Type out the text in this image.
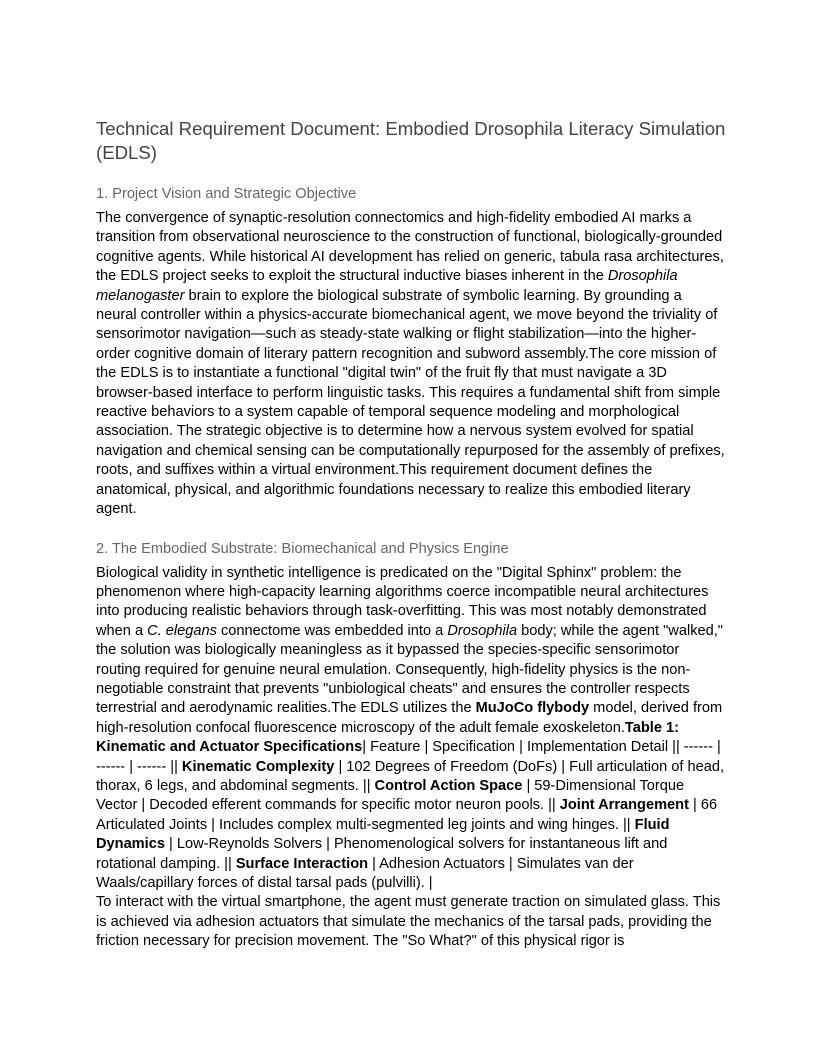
Technical Requirement Document: Embodied Drosophila Literacy Simulation (EDLS)
1. Project Vision and Strategic Objective

The convergence of synaptic-resolution connectomics and high-fidelity embodied AI marks a transition from observational neuroscience to the construction of functional, biologically-grounded cognitive agents. While historical AI development has relied on generic, tabula rasa architectures, the EDLS project seeks to exploit the structural inductive biases inherent in the Drosophila melanogaster brain to explore the biological substrate of symbolic learning. By grounding a neural controller within a physics-accurate biomechanical agent, we move beyond the triviality of sensorimotor navigation—such as steady-state walking or flight stabilization—into the higher-order cognitive domain of literary pattern recognition and subword assembly.The core mission of the EDLS is to instantiate a functional "digital twin" of the fruit fly that must navigate a 3D browser-based interface to perform linguistic tasks. This requires a fundamental shift from simple reactive behaviors to a system capable of temporal sequence modeling and morphological association. The strategic objective is to determine how a nervous system evolved for spatial navigation and chemical sensing can be computationally repurposed for the assembly of prefixes, roots, and suffixes within a virtual environment.This requirement document defines the anatomical, physical, and algorithmic foundations necessary to realize this embodied literary agent.

2. The Embodied Substrate: Biomechanical and Physics Engine

Biological validity in synthetic intelligence is predicated on the "Digital Sphinx" problem: the phenomenon where high-capacity learning algorithms coerce incompatible neural architectures into producing realistic behaviors through task-overfitting. This was most notably demonstrated when a C. elegans connectome was embedded into a Drosophila body; while the agent "walked," the solution was biologically meaningless as it bypassed the species-specific sensorimotor routing required for genuine neural emulation. Consequently, high-fidelity physics is the non-negotiable constraint that prevents "unbiological cheats" and ensures the controller respects terrestrial and aerodynamic realities.The EDLS utilizes the MuJoCo flybody model, derived from high-resolution confocal fluorescence microscopy of the adult female exoskeleton.Table 1: Kinematic and Actuator Specifications| Feature | Specification | Implementation Detail || ------ | ------ | ------ || Kinematic Complexity | 102 Degrees of Freedom (DoFs) | Full articulation of head, thorax, 6 legs, and abdominal segments. || Control Action Space | 59-Dimensional Torque Vector | Decoded efferent commands for specific motor neuron pools. || Joint Arrangement | 66 Articulated Joints | Includes complex multi-segmented leg joints and wing hinges. || Fluid Dynamics | Low-Reynolds Solvers | Phenomenological solvers for instantaneous lift and rotational damping. || Surface Interaction | Adhesion Actuators | Simulates van der Waals/capillary forces of distal tarsal pads (pulvilli). |

To interact with the virtual smartphone, the agent must generate traction on simulated glass. This is achieved via adhesion actuators that simulate the mechanics of the tarsal pads, providing the friction necessary for precision movement. The "So What?" of this physical rigor is
